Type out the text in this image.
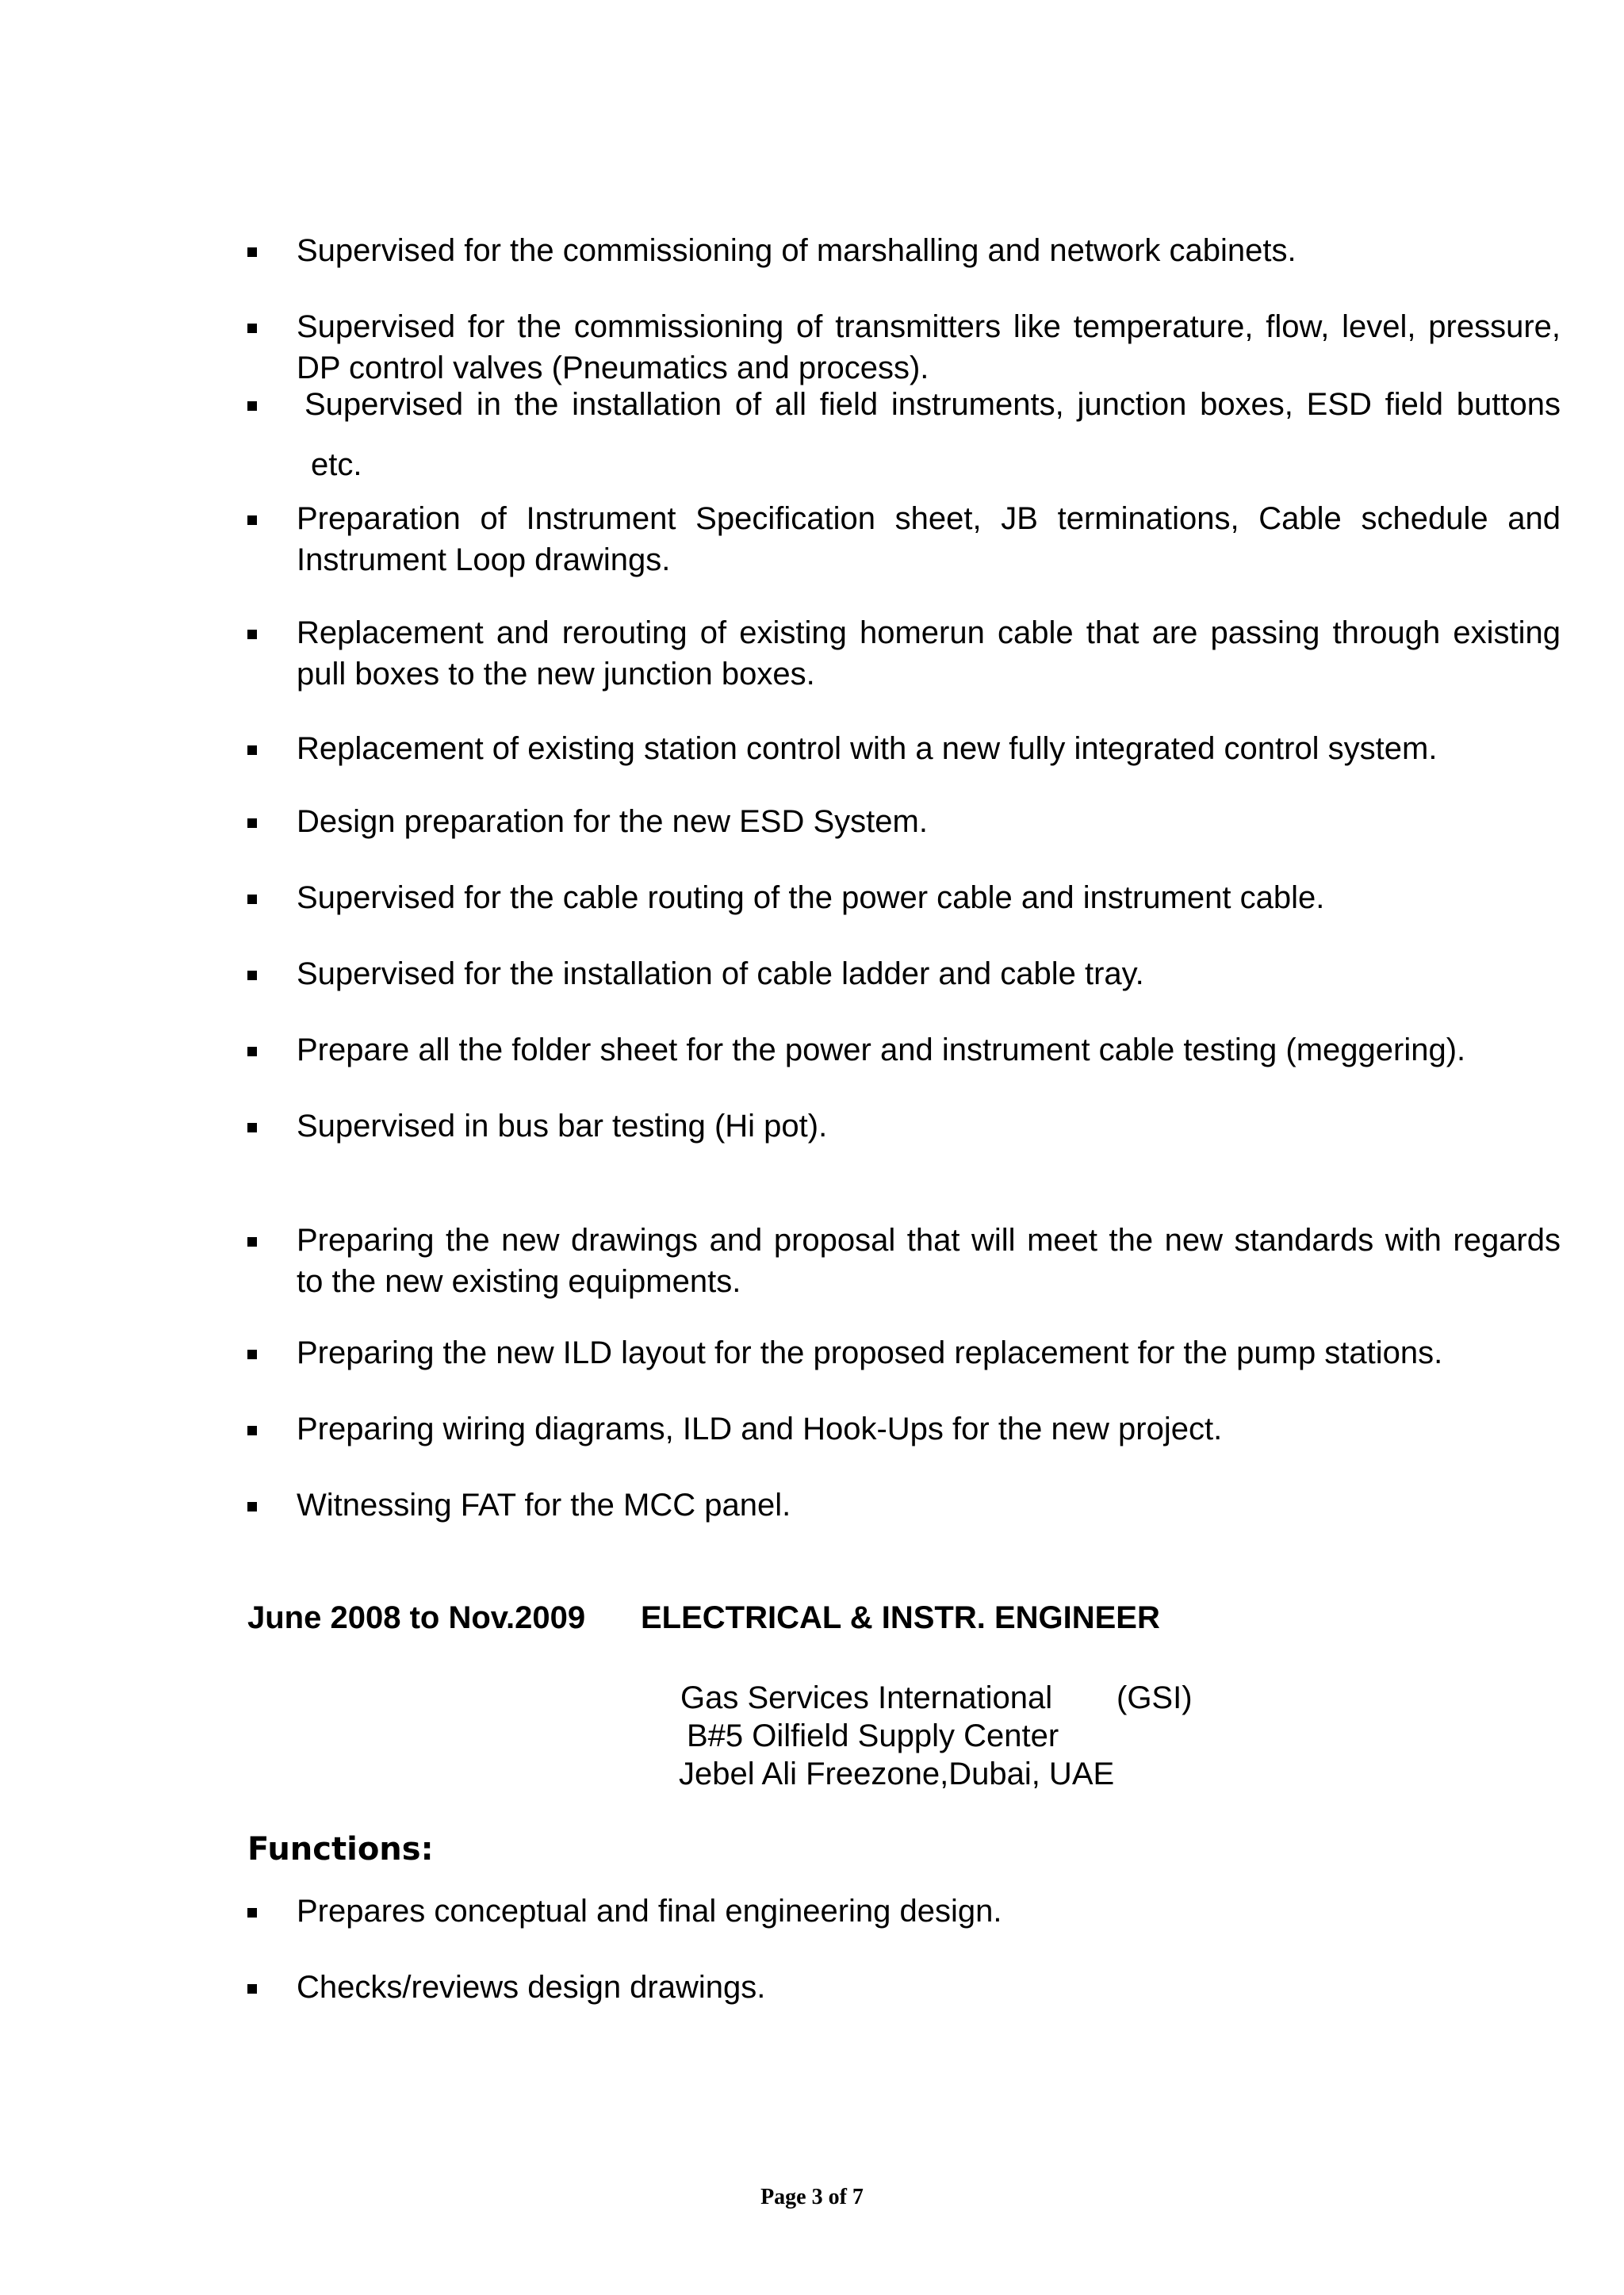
Supervised for the commissioning of marshalling and network cabinets.
Supervised for the commissioning of transmitters like temperature, flow, level, pressure, DP control valves (Pneumatics and process).
Supervised in the installation of all field instruments, junction boxes, ESD field buttons
etc.
Preparation of Instrument Specification sheet, JB terminations, Cable schedule and Instrument Loop drawings.
Replacement and rerouting of existing homerun cable that are passing through existing pull boxes to the new junction boxes.
Replacement of existing station control with a new fully integrated control system.
Design preparation for the new ESD System.
Supervised for the cable routing of the power cable and instrument cable.
Supervised for the installation of cable ladder and cable tray.
Prepare all the folder sheet for the power and instrument cable testing (meggering).
Supervised in bus bar testing (Hi pot).
Preparing the new drawings and proposal that will meet the new standards with regards to the new existing equipments.
Preparing the new ILD layout for the proposed replacement for the pump stations.
Preparing wiring diagrams, ILD and Hook-Ups for the new project.
Witnessing FAT for the MCC panel.
June 2008 to Nov.2009 ELECTRICAL & INSTR. ENGINEER
Gas Services International (GSI)
B#5 Oilfield Supply Center
Jebel Ali Freezone,Dubai, UAE
Functions:
Prepares conceptual and final engineering design.
Checks/reviews design drawings.
Page 3 of 7
